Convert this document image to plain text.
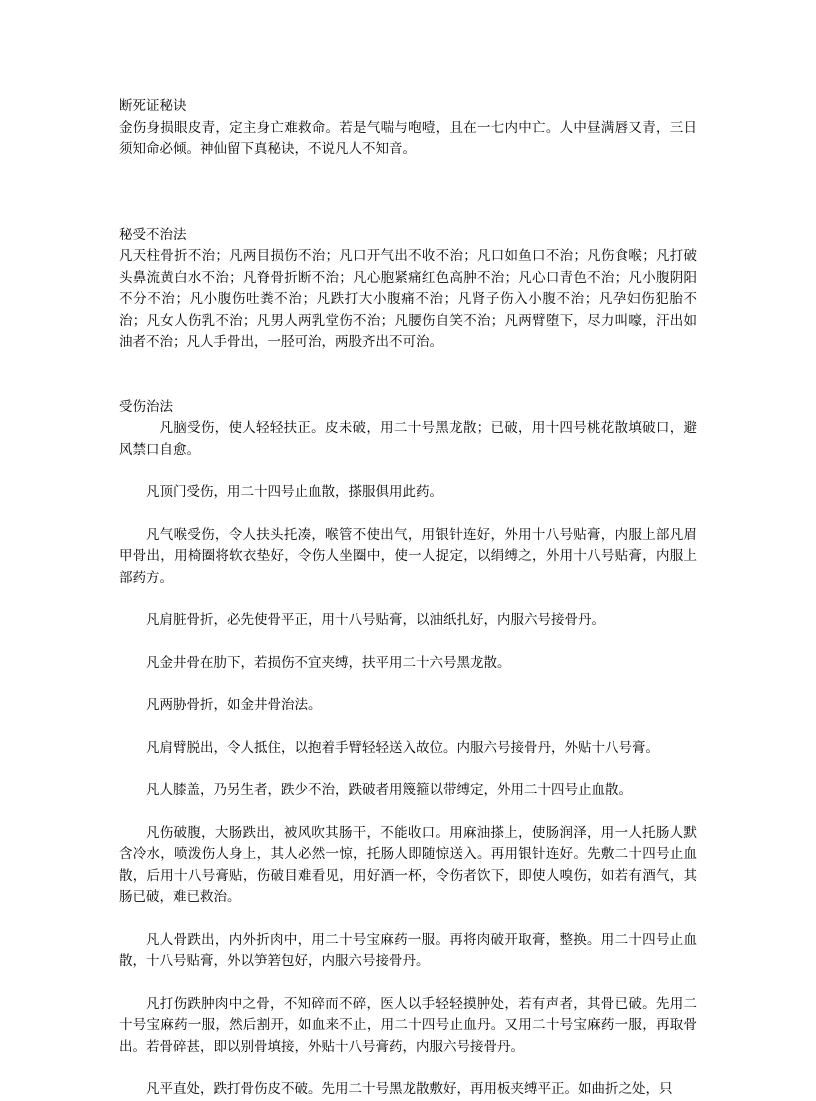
断死证秘诀

金伤身损眼皮青，定主身亡难救命。若是气喘与咆噎，且在一七内中亡。人中昼满唇又青，三日须知命必倾。神仙留下真秘诀，不说凡人不知音。

秘受不治法

凡天柱骨折不治；凡两目损伤不治；凡口开气出不收不治；凡口如鱼口不治；凡伤食喉；凡打破头鼻流黄白水不治；凡脊骨折断不治；凡心胞紧痛红色高肿不治；凡心口青色不治；凡小腹阴阳不分不治；凡小腹伤吐粪不治；凡跌打大小腹痛不治；凡肾子伤入小腹不治；凡孕妇伤犯胎不治；凡女人伤乳不治；凡男人两乳堂伤不治；凡腰伤自笑不治；凡两臂堕下，尽力叫嚎，汗出如油者不治；凡人手骨出，一胫可治，两股齐出不可治。

受伤治法

凡脑受伤，使人轻轻扶正。皮未破，用二十号黑龙散；已破，用十四号桃花散填破口，避风禁口自愈。

凡顶门受伤，用二十四号止血散，搽服俱用此药。

凡气喉受伤，令人扶头托凑，喉管不使出气，用银针连好，外用十八号贴膏，内服上部凡眉甲骨出，用椅圈将软衣垫好，令伤人坐圈中，使一人捉定，以绢缚之，外用十八号贴膏，内服上部药方。

凡肩脏骨折，必先使骨平正，用十八号贴膏，以油纸扎好，内服六号接骨丹。

凡金井骨在肋下，若损伤不宜夹缚，扶平用二十六号黑龙散。

凡两胁骨折，如金井骨治法。

凡肩臂脱出，令人抵住，以抱着手臂轻轻送入故位。内服六号接骨丹，外贴十八号膏。

凡人膝盖，乃另生者，跌少不治，跌破者用篾箍以带缚定，外用二十四号止血散。

凡伤破腹，大肠跌出，被风吹其肠干，不能收口。用麻油搽上，使肠润泽，用一人托肠人默含冷水，喷泼伤人身上，其人必然一惊，托肠人即随惊送入。再用银针连好。先敷二十四号止血散，后用十八号膏贴，伤破目难看见，用好酒一杯，令伤者饮下，即使人嗅伤，如若有酒气，其肠已破，难已救治。

凡人骨跌出，内外折肉中，用二十号宝麻药一服。再将肉破开取膏，整换。用二十四号止血散，十八号贴膏，外以笋箬包好，内服六号接骨丹。

凡打伤跌肿肉中之骨，不知碎而不碎，医人以手轻轻摸肿处，若有声者，其骨已破。先用二十号宝麻药一服，然后割开，如血来不止，用二十四号止血丹。又用二十号宝麻药一服，再取骨出。若骨碎甚，即以别骨填接，外贴十八号膏药，内服六号接骨丹。

凡平直处，跌打骨伤皮不破。先用二十号黑龙散敷好，再用板夹缚平正。如曲折之处，只
